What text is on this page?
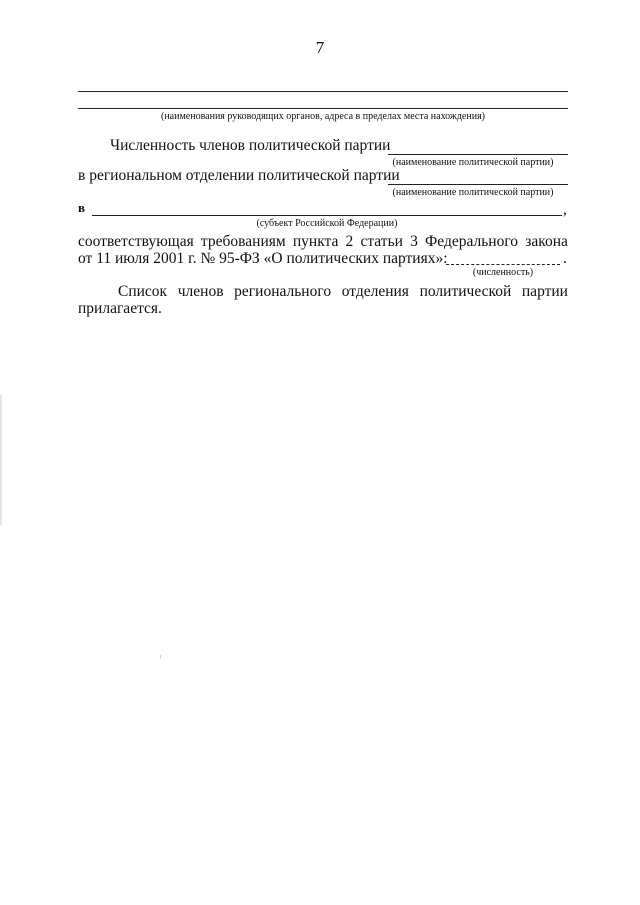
7
(наименования руководящих органов, адреса в пределах места нахождения)
Численность членов политической партии
(наименование политической партии)
в региональном отделении политической партии
(наименование политической партии)
в	,
(субъект Российской Федерации)
соответствующая требованиям пункта 2 статьи 3 Федерального закона
от 11 июля 2001 г. № 95-ФЗ «О политических партиях»:	.
(численность)
Список членов регионального отделения политической партии
прилагается.
